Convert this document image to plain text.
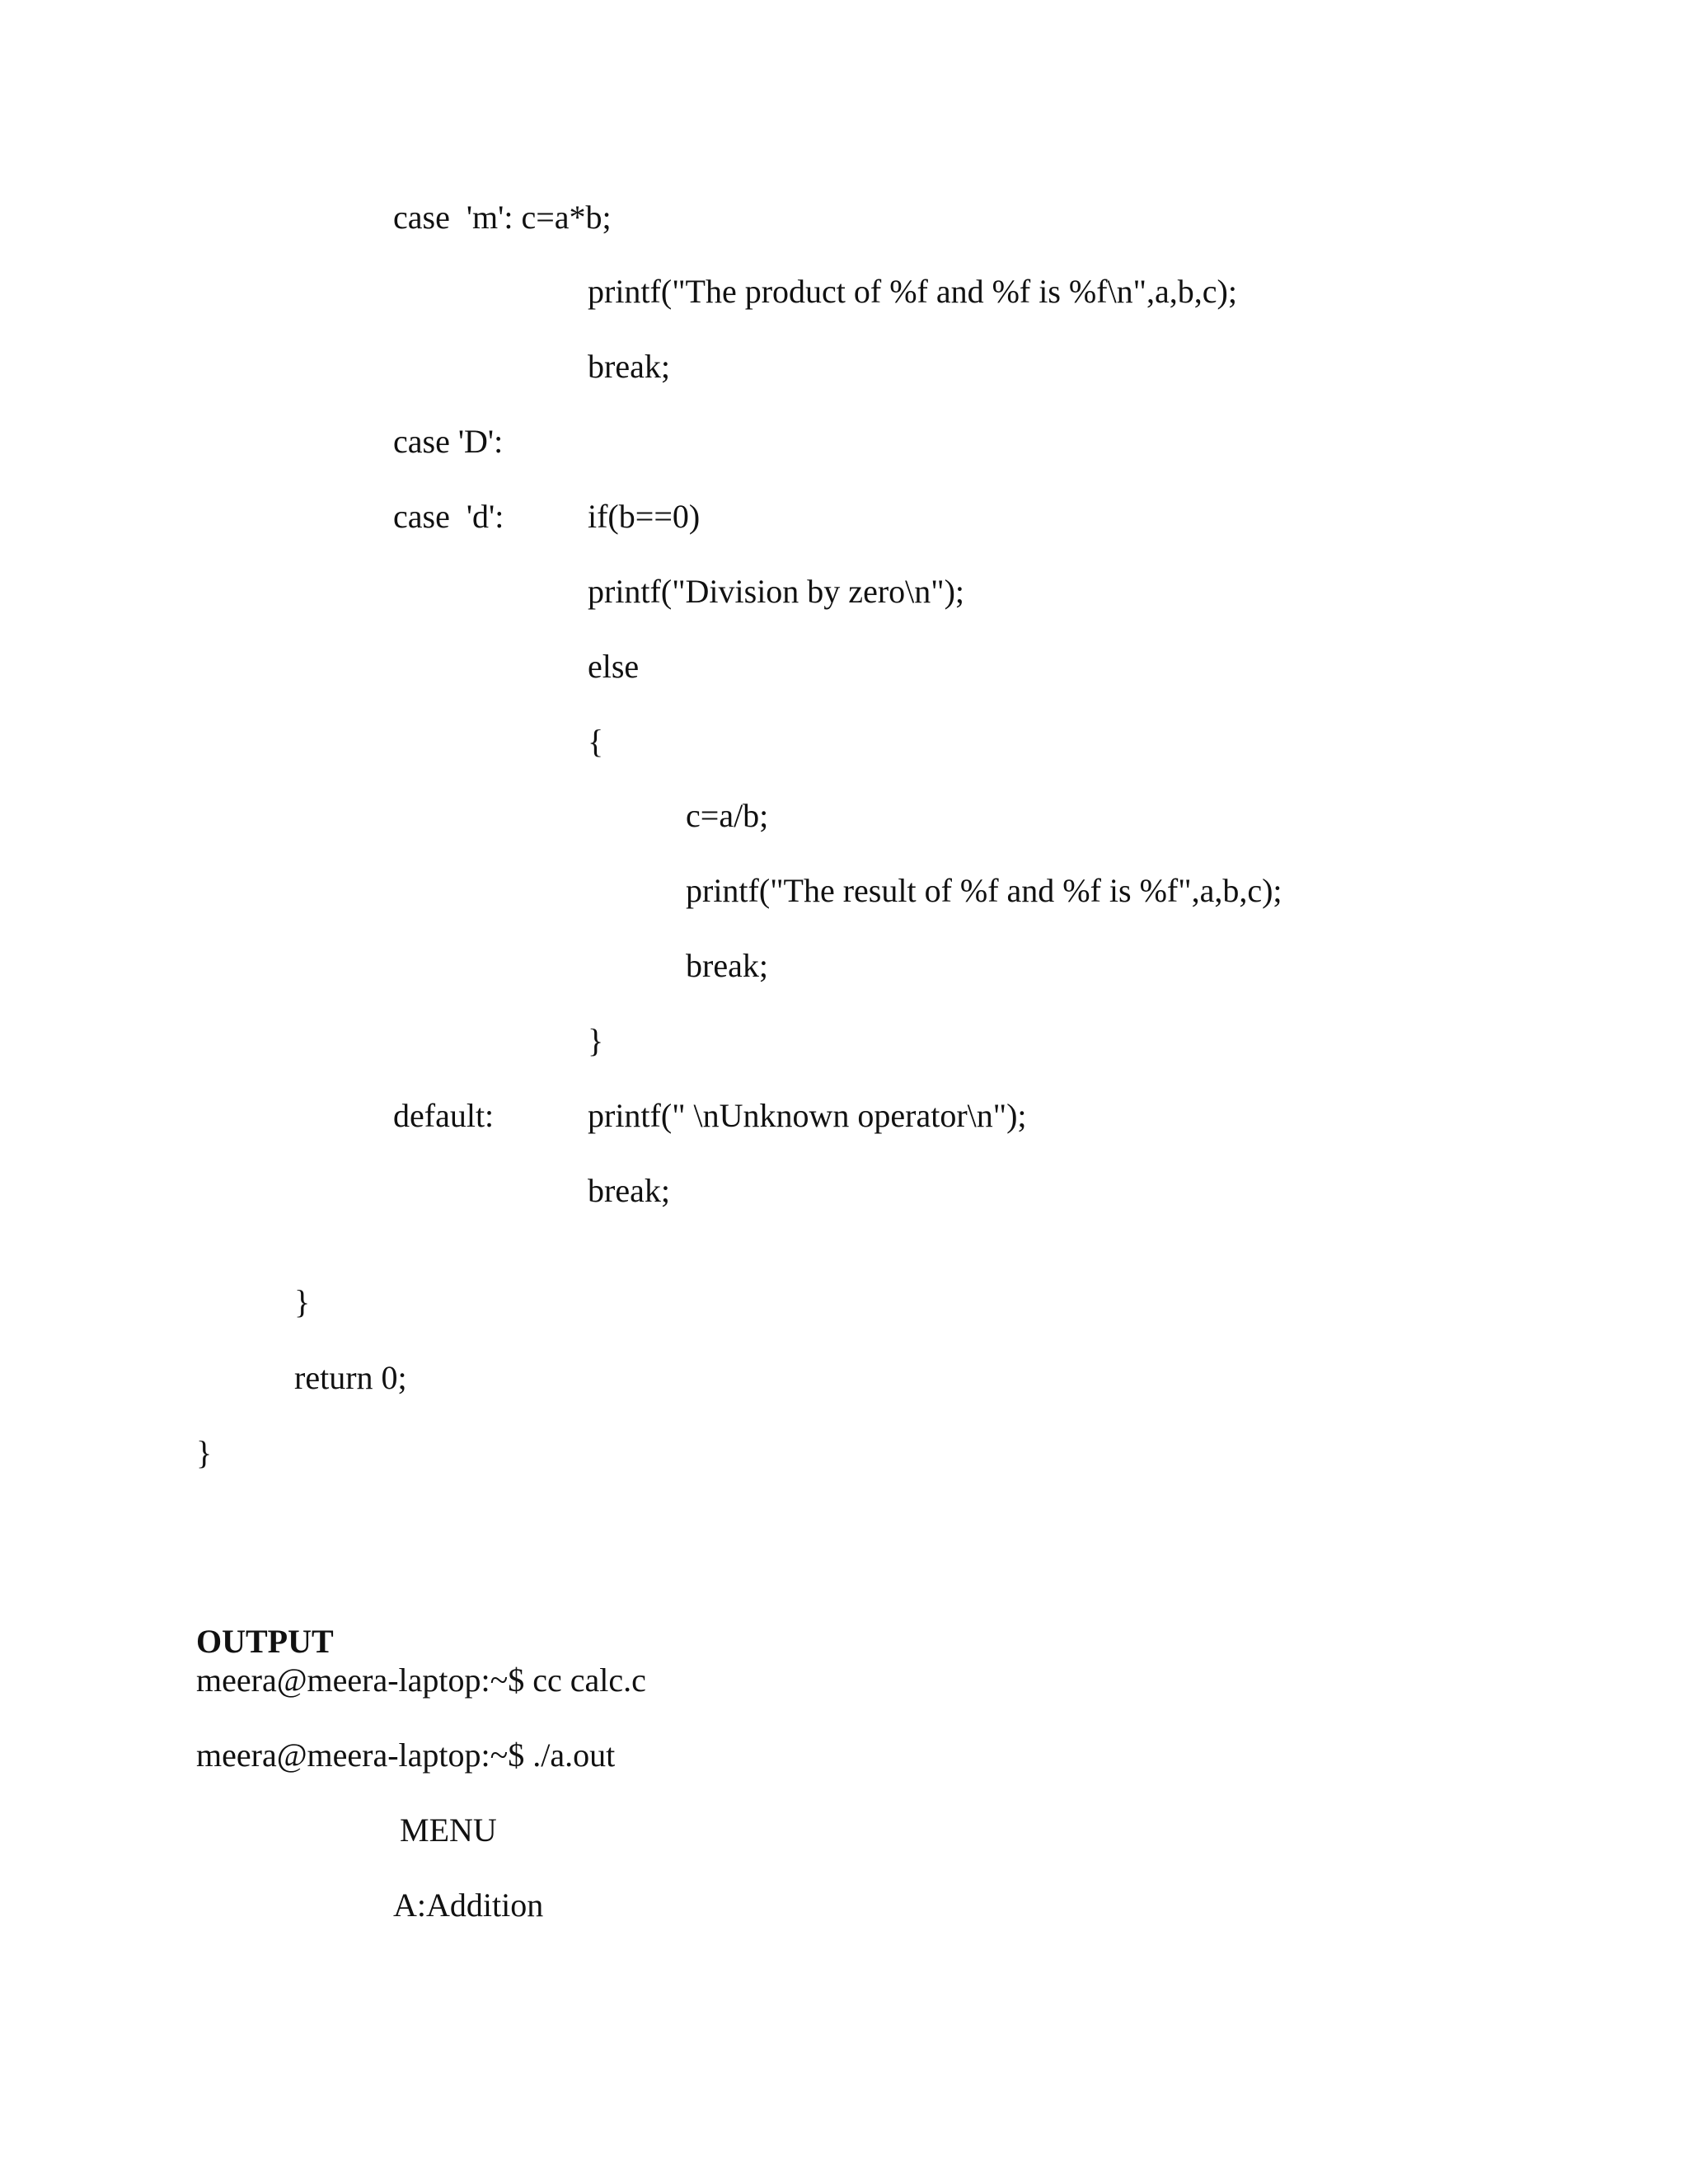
case  'm': c=a*b;
printf("The product of %f and %f is %f\n",a,b,c);
break;
case 'D':
case  'd':	if(b==0)
printf("Division by zero\n");
else
{
c=a/b;
printf("The result of %f and %f is %f",a,b,c);
break;
}
default:	printf(" \nUnknown operator\n");
break;
}
return 0;
}
OUTPUT
meera@meera-laptop:~$ cc calc.c
meera@meera-laptop:~$ ./a.out
MENU
A:Addition
